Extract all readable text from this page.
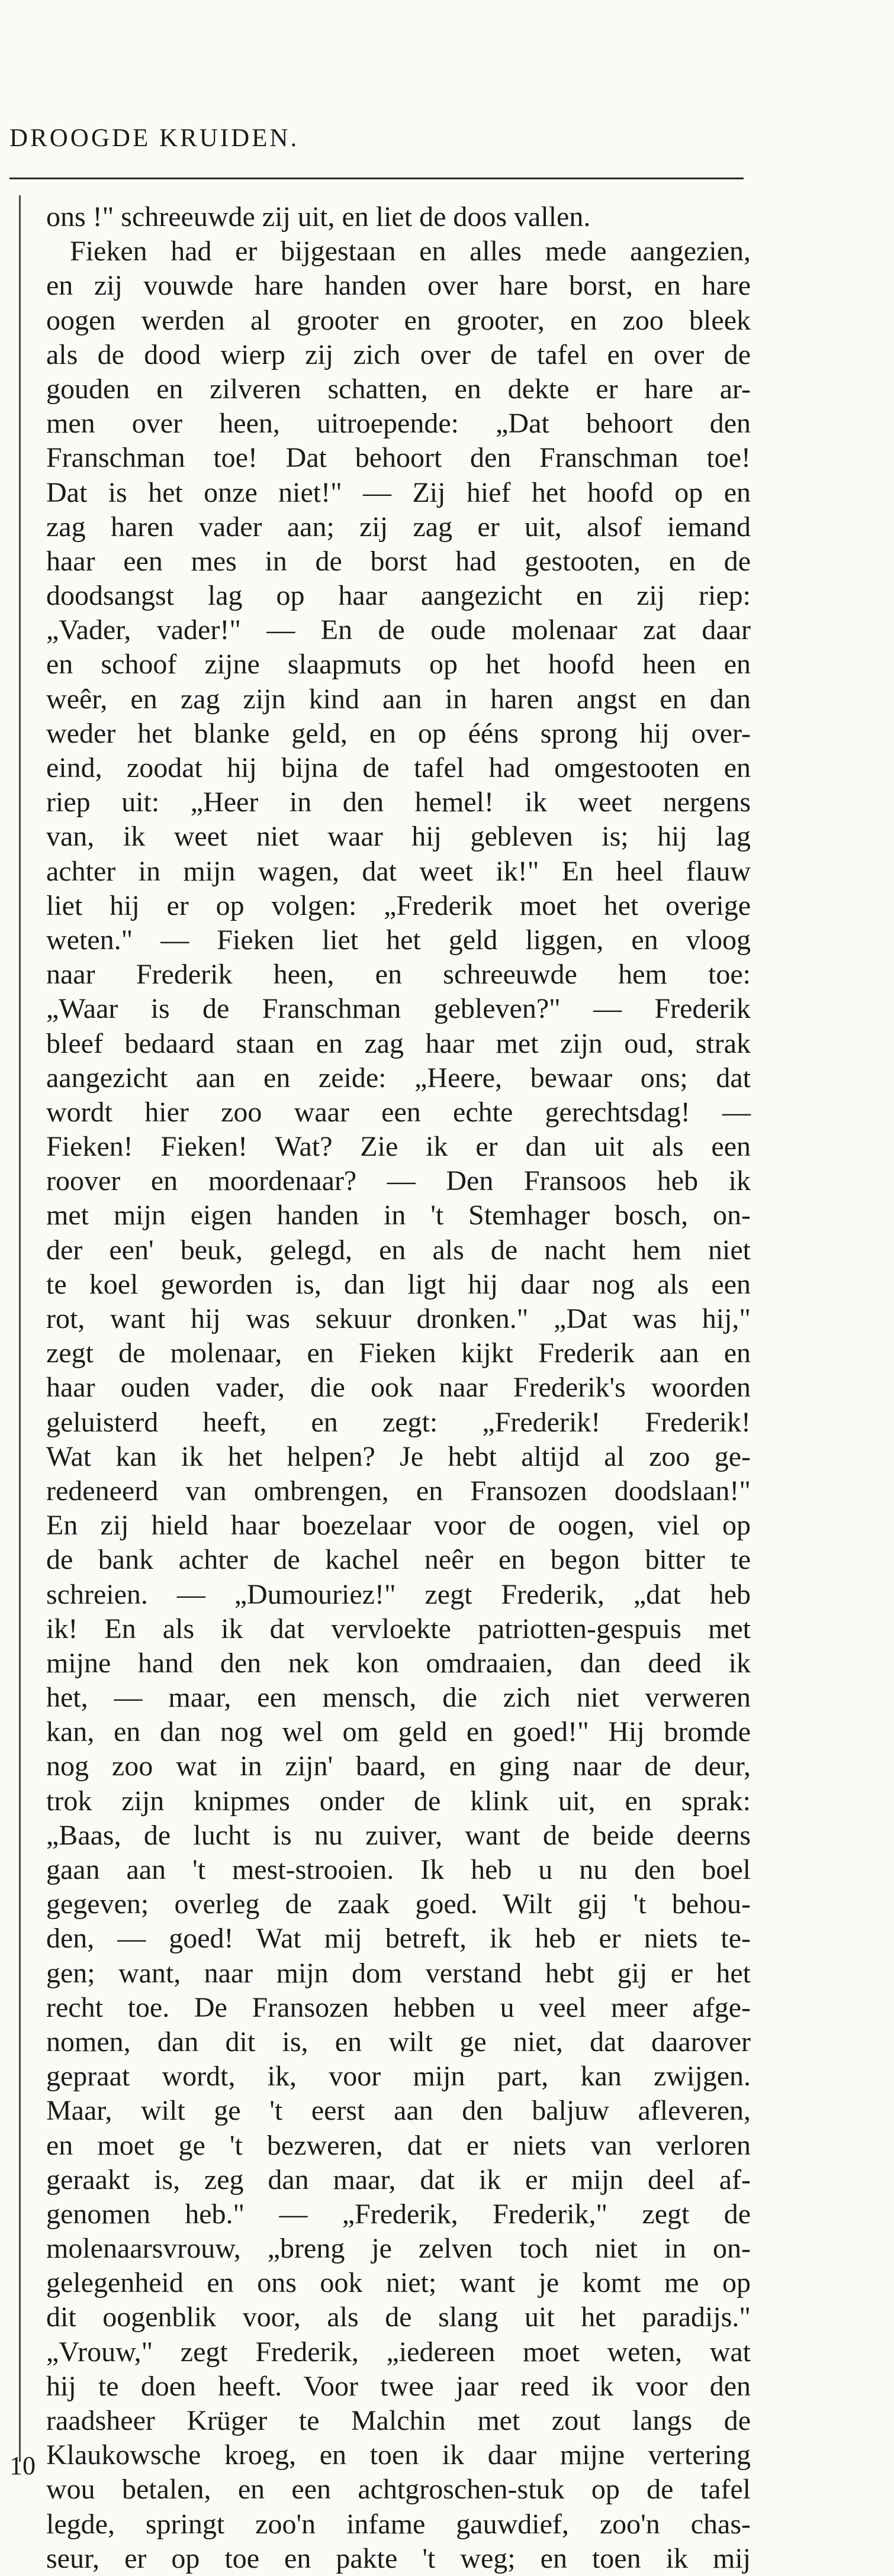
DROOGDE KRUIDEN.
ons !" schreeuwde zij uit, en liet de doos vallen.
Fieken had er bijgestaan en alles mede aangezien,
en zij vouwde hare handen over hare borst, en hare
oogen werden al grooter en grooter, en zoo bleek
als de dood wierp zij zich over de tafel en over de
gouden en zilveren schatten, en dekte er hare ar-
men over heen, uitroepende: „Dat behoort den
Franschman toe! Dat behoort den Franschman toe!
Dat is het onze niet!" — Zij hief het hoofd op en
zag haren vader aan; zij zag er uit, alsof iemand
haar een mes in de borst had gestooten, en de
doodsangst lag op haar aangezicht en zij riep:
„Vader, vader!" — En de oude molenaar zat daar
en schoof zijne slaapmuts op het hoofd heen en
weêr, en zag zijn kind aan in haren angst en dan
weder het blanke geld, en op ééns sprong hij over-
eind, zoodat hij bijna de tafel had omgestooten en
riep uit: „Heer in den hemel! ik weet nergens
van, ik weet niet waar hij gebleven is; hij lag
achter in mijn wagen, dat weet ik!" En heel flauw
liet hij er op volgen: „Frederik moet het overige
weten." — Fieken liet het geld liggen, en vloog
naar Frederik heen, en schreeuwde hem toe:
„Waar is de Franschman gebleven?" — Frederik
bleef bedaard staan en zag haar met zijn oud, strak
aangezicht aan en zeide: „Heere, bewaar ons; dat
wordt hier zoo waar een echte gerechtsdag! —
Fieken! Fieken! Wat? Zie ik er dan uit als een
roover en moordenaar? — Den Fransoos heb ik
met mijn eigen handen in 't Stemhager bosch, on-
der een' beuk, gelegd, en als de nacht hem niet
te koel geworden is, dan ligt hij daar nog als een
rot, want hij was sekuur dronken." „Dat was hij,"
zegt de molenaar, en Fieken kijkt Frederik aan en
haar ouden vader, die ook naar Frederik's woorden
geluisterd heeft, en zegt: „Frederik! Frederik!
Wat kan ik het helpen? Je hebt altijd al zoo ge-
redeneerd van ombrengen, en Fransozen doodslaan!"
En zij hield haar boezelaar voor de oogen, viel op
de bank achter de kachel neêr en begon bitter te
schreien. — „Dumouriez!" zegt Frederik, „dat heb
ik! En als ik dat vervloekte patriotten-gespuis met
mijne hand den nek kon omdraaien, dan deed ik
het, — maar, een mensch, die zich niet verweren
kan, en dan nog wel om geld en goed!" Hij bromde
nog zoo wat in zijn' baard, en ging naar de deur,
trok zijn knipmes onder de klink uit, en sprak:
„Baas, de lucht is nu zuiver, want de beide deerns
gaan aan 't mest-strooien. Ik heb u nu den boel
gegeven; overleg de zaak goed. Wilt gij 't behou-
den, — goed! Wat mij betreft, ik heb er niets te-
gen; want, naar mijn dom verstand hebt gij er het
recht toe. De Fransozen hebben u veel meer afge-
nomen, dan dit is, en wilt ge niet, dat daarover
gepraat wordt, ik, voor mijn part, kan zwijgen.
Maar, wilt ge 't eerst aan den baljuw afleveren,
en moet ge 't bezweren, dat er niets van verloren
geraakt is, zeg dan maar, dat ik er mijn deel af-
genomen heb." — „Frederik, Frederik," zegt de
molenaarsvrouw, „breng je zelven toch niet in on-
gelegenheid en ons ook niet; want je komt me op
dit oogenblik voor, als de slang uit het paradijs."
„Vrouw," zegt Frederik, „iedereen moet weten, wat
hij te doen heeft. Voor twee jaar reed ik voor den
raadsheer Krüger te Malchin met zout langs de
Klaukowsche kroeg, en toen ik daar mijne vertering
wou betalen, en een achtgroschen-stuk op de tafel
legde, springt zoo'n infame gauwdief, zoo'n chas-
seur, er op toe en pakte 't weg; en toen ik mij
10
